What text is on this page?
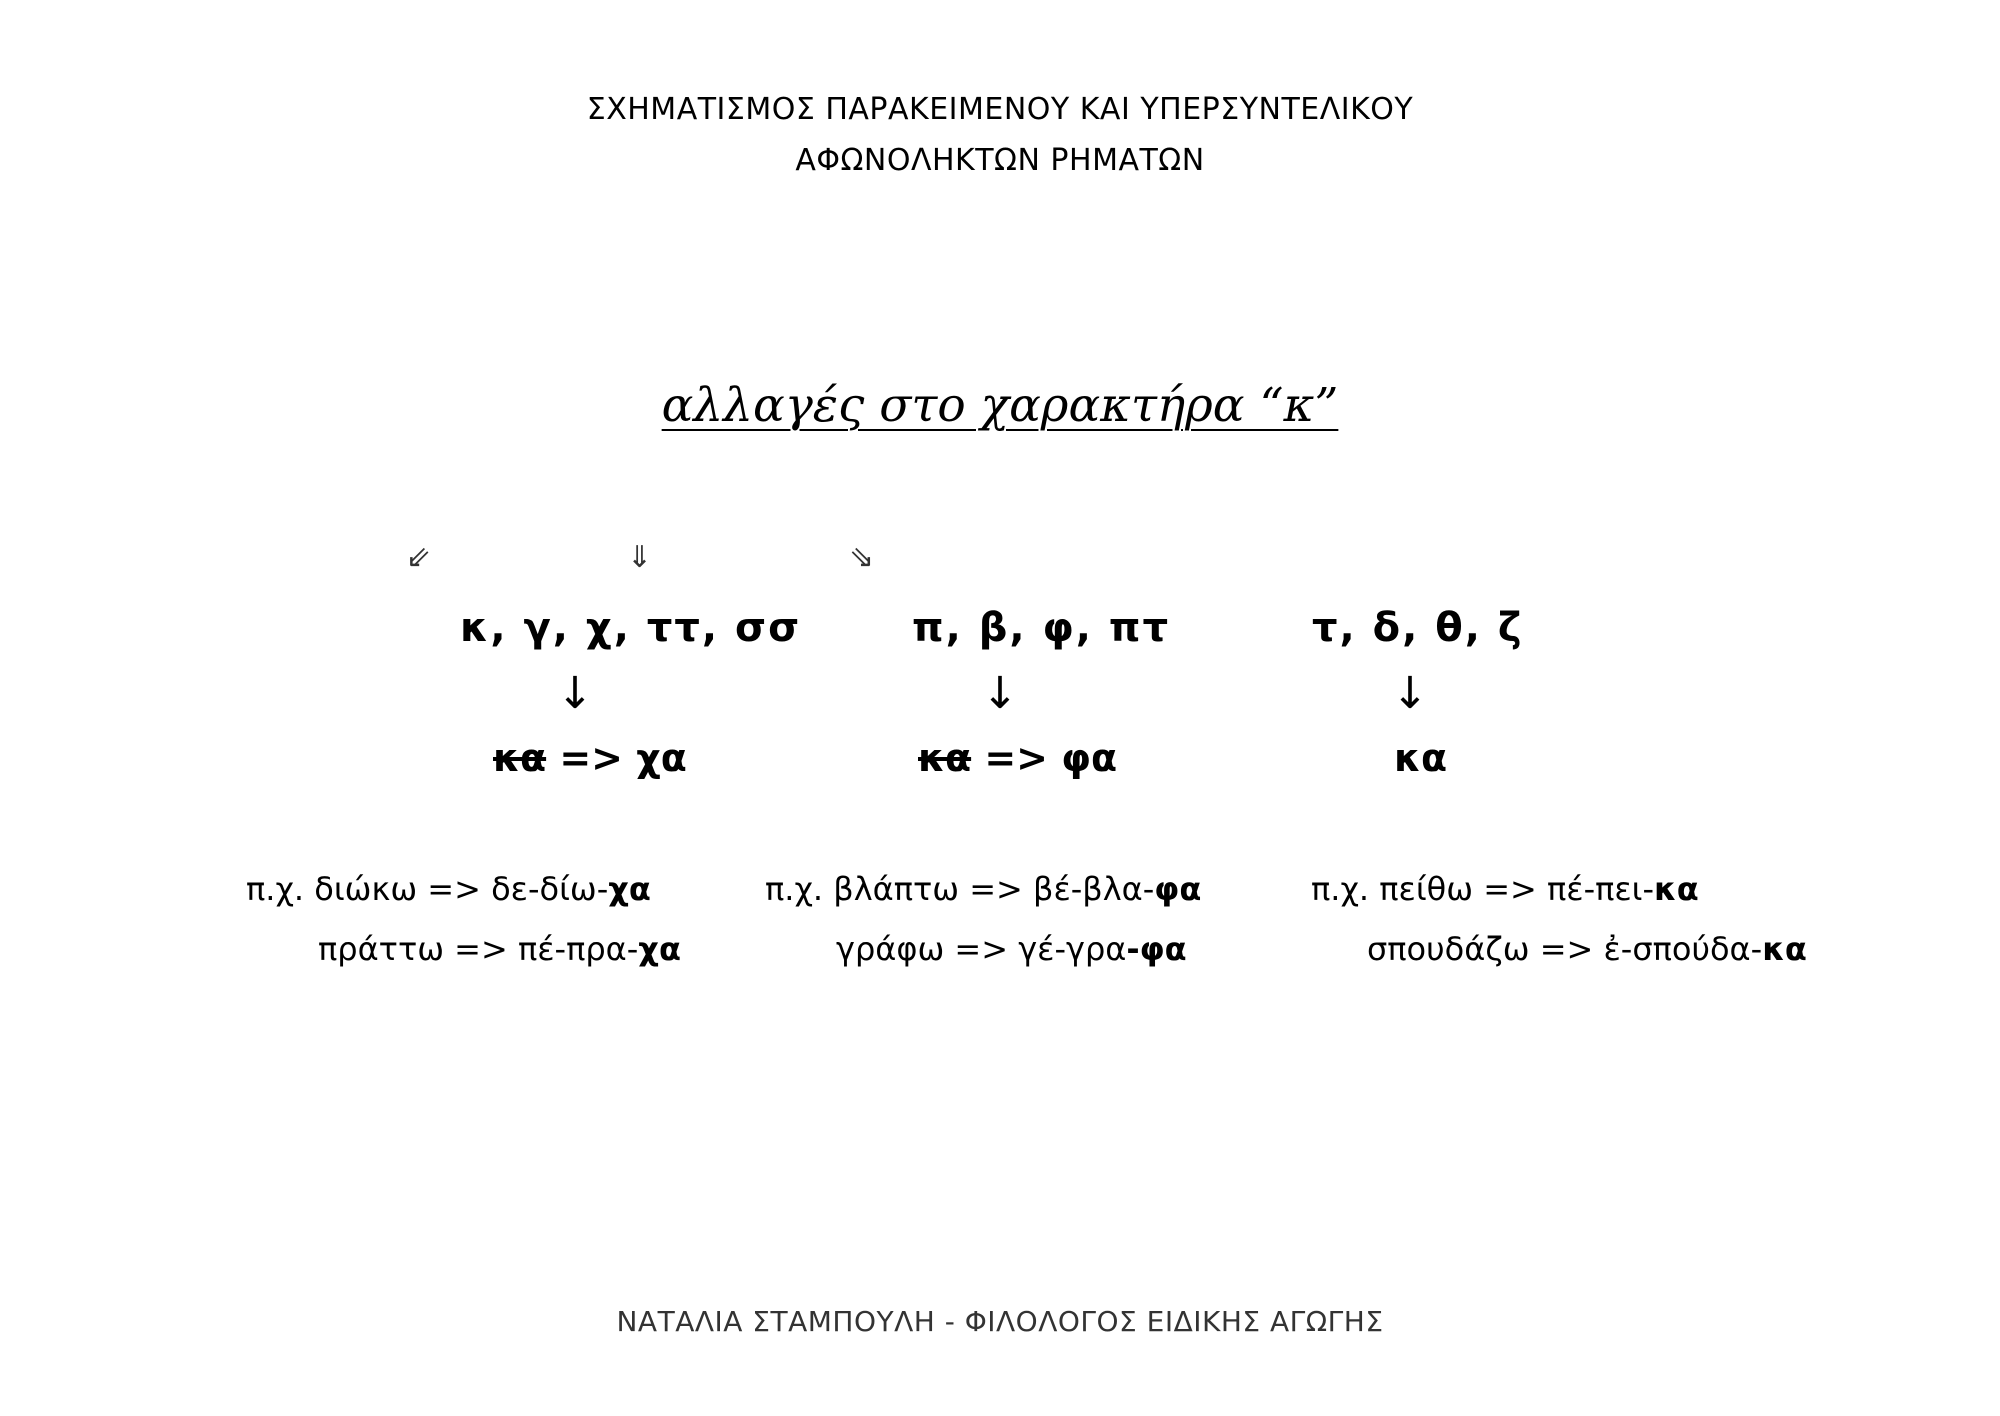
ΣΧΗΜΑΤΙΣΜΟΣ ΠΑΡΑΚΕΙΜΕΝΟΥ ΚΑΙ ΥΠΕΡΣΥΝΤΕΛΙΚΟΥ
ΑΦΩΝΟΛΗΚΤΩΝ ΡΗΜΑΤΩΝ
αλλαγές στο χαρακτήρα “κ”
⇙	⇓	⇘
κ, γ, χ, ττ, σσ
↓
κα => χα
π, β, φ, πτ
↓
κα => φα
τ, δ, θ, ζ
↓
κα
π.χ. διώκω => δε-δίω-χα
πράττω => πέ-πρα-χα
π.χ. βλάπτω => βέ-βλα-φα
γράφω => γέ-γρα-φα
π.χ. πείθω => πέ-πει-κα
σπουδάζω => ἐ-σπούδα-κα
ΝΑΤΑΛΙΑ ΣΤΑΜΠΟΥΛΗ - ΦΙΛΟΛΟΓΟΣ ΕΙΔΙΚΗΣ ΑΓΩΓΗΣ
